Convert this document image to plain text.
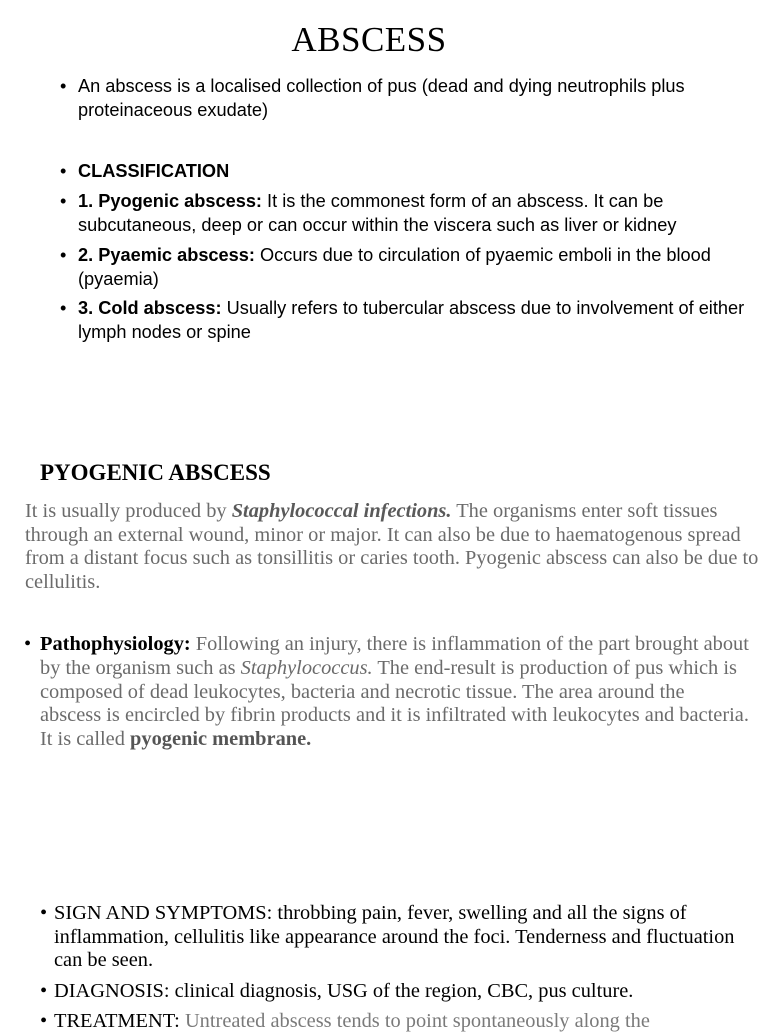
ABSCESS

• An abscess is a localised collection of pus (dead and dying neutrophils plus proteinaceous exudate)

• CLASSIFICATION

• 1. Pyogenic abscess: It is the commonest form of an abscess. It can be subcutaneous, deep or can occur within the viscera such as liver or kidney

• 2. Pyaemic abscess: Occurs due to circulation of pyaemic emboli in the blood (pyaemia)

• 3. Cold abscess: Usually refers to tubercular abscess due to involvement of either lymph nodes or spine

PYOGENIC ABSCESS
It is usually produced by Staphylococcal infections. The organisms enter soft tissues through an external wound, minor or major. It can also be due to haematogenous spread from a distant focus such as tonsillitis or caries tooth. Pyogenic abscess can also be due to cellulitis.
• Pathophysiology: Following an injury, there is inflammation of the part brought about by the organism such as Staphylococcus. The end-result is production of pus which is composed of dead leukocytes, bacteria and necrotic tissue. The area around the abscess is encircled by fibrin products and it is infiltrated with leukocytes and bacteria. It is called pyogenic membrane.

• SIGN AND SYMPTOMS: throbbing pain, fever, swelling and all the signs of inflammation, cellulitis like appearance around the foci. Tenderness and fluctuation can be seen.

• DIAGNOSIS: clinical diagnosis, USG of the region, CBC, pus culture.

• TREATMENT: Untreated abscess tends to point spontaneously along the
